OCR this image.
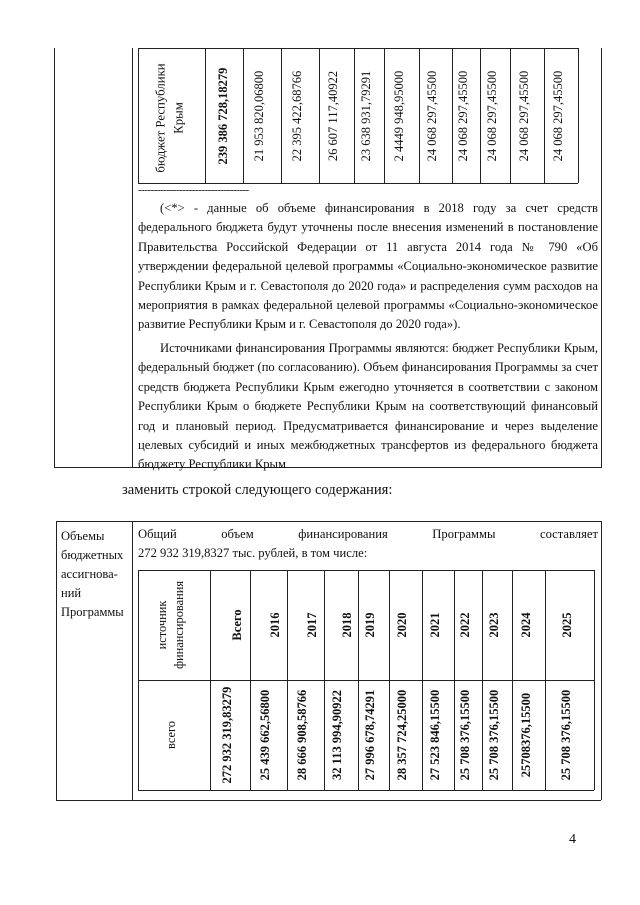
бюджет Республики Крым	239 386 728,18279	21 953 820,06800	22 395 422,68766	26 607 117,40922	23 638 931,79291	2 4449 948,95000	24 068 297,45500	24 068 297,45500	24 068 297,45500	24 068 297,45500	24 068 297,45500
-----------------------------------
(<*> - данные об объеме финансирования в 2018 году за счет средств федерального бюджета будут уточнены после внесения изменений в постановление Правительства Российской Федерации от 11 августа 2014 года № 790 «Об утверждении федеральной целевой программы «Социально-экономическое развитие Республики Крым и г. Севастополя до 2020 года» и распределения сумм расходов на мероприятия в рамках федеральной целевой программы «Социально-экономическое развитие Республики Крым и г. Севастополя до 2020 года»).
Источниками финансирования Программы являются: бюджет Республики Крым, федеральный бюджет (по согласованию). Объем финансирования Программы за счет средств бюджета Республики Крым ежегодно уточняется в соответствии с законом Республики Крым о бюджете Республики Крым на соответствующий финансовый год и плановый период. Предусматривается финансирование и через выделение целевых субсидий и иных межбюджетных трансфертов из федерального бюджета бюджету Республики Крым
заменить строкой следующего содержания:
Объемы
бюджетных
ассигнова-
ний
Программы
Общий	объем	финансирования	Программы	составляет
272 932 319,8327 тыс. рублей, в том числе:
источник финансирования	Всего	2016	2017	2018 2019	2020	2021	2022	2023	2024	2025
всего	272 932 319,83279	25 439 662,56800	28 666 908,58766	32 113 994,90922	27 996 678,74291	28 357 724,25000	27 523 846,15500	25 708 376,15500	25 708 376,15500	25708376,15500	25 708 376,15500
4
